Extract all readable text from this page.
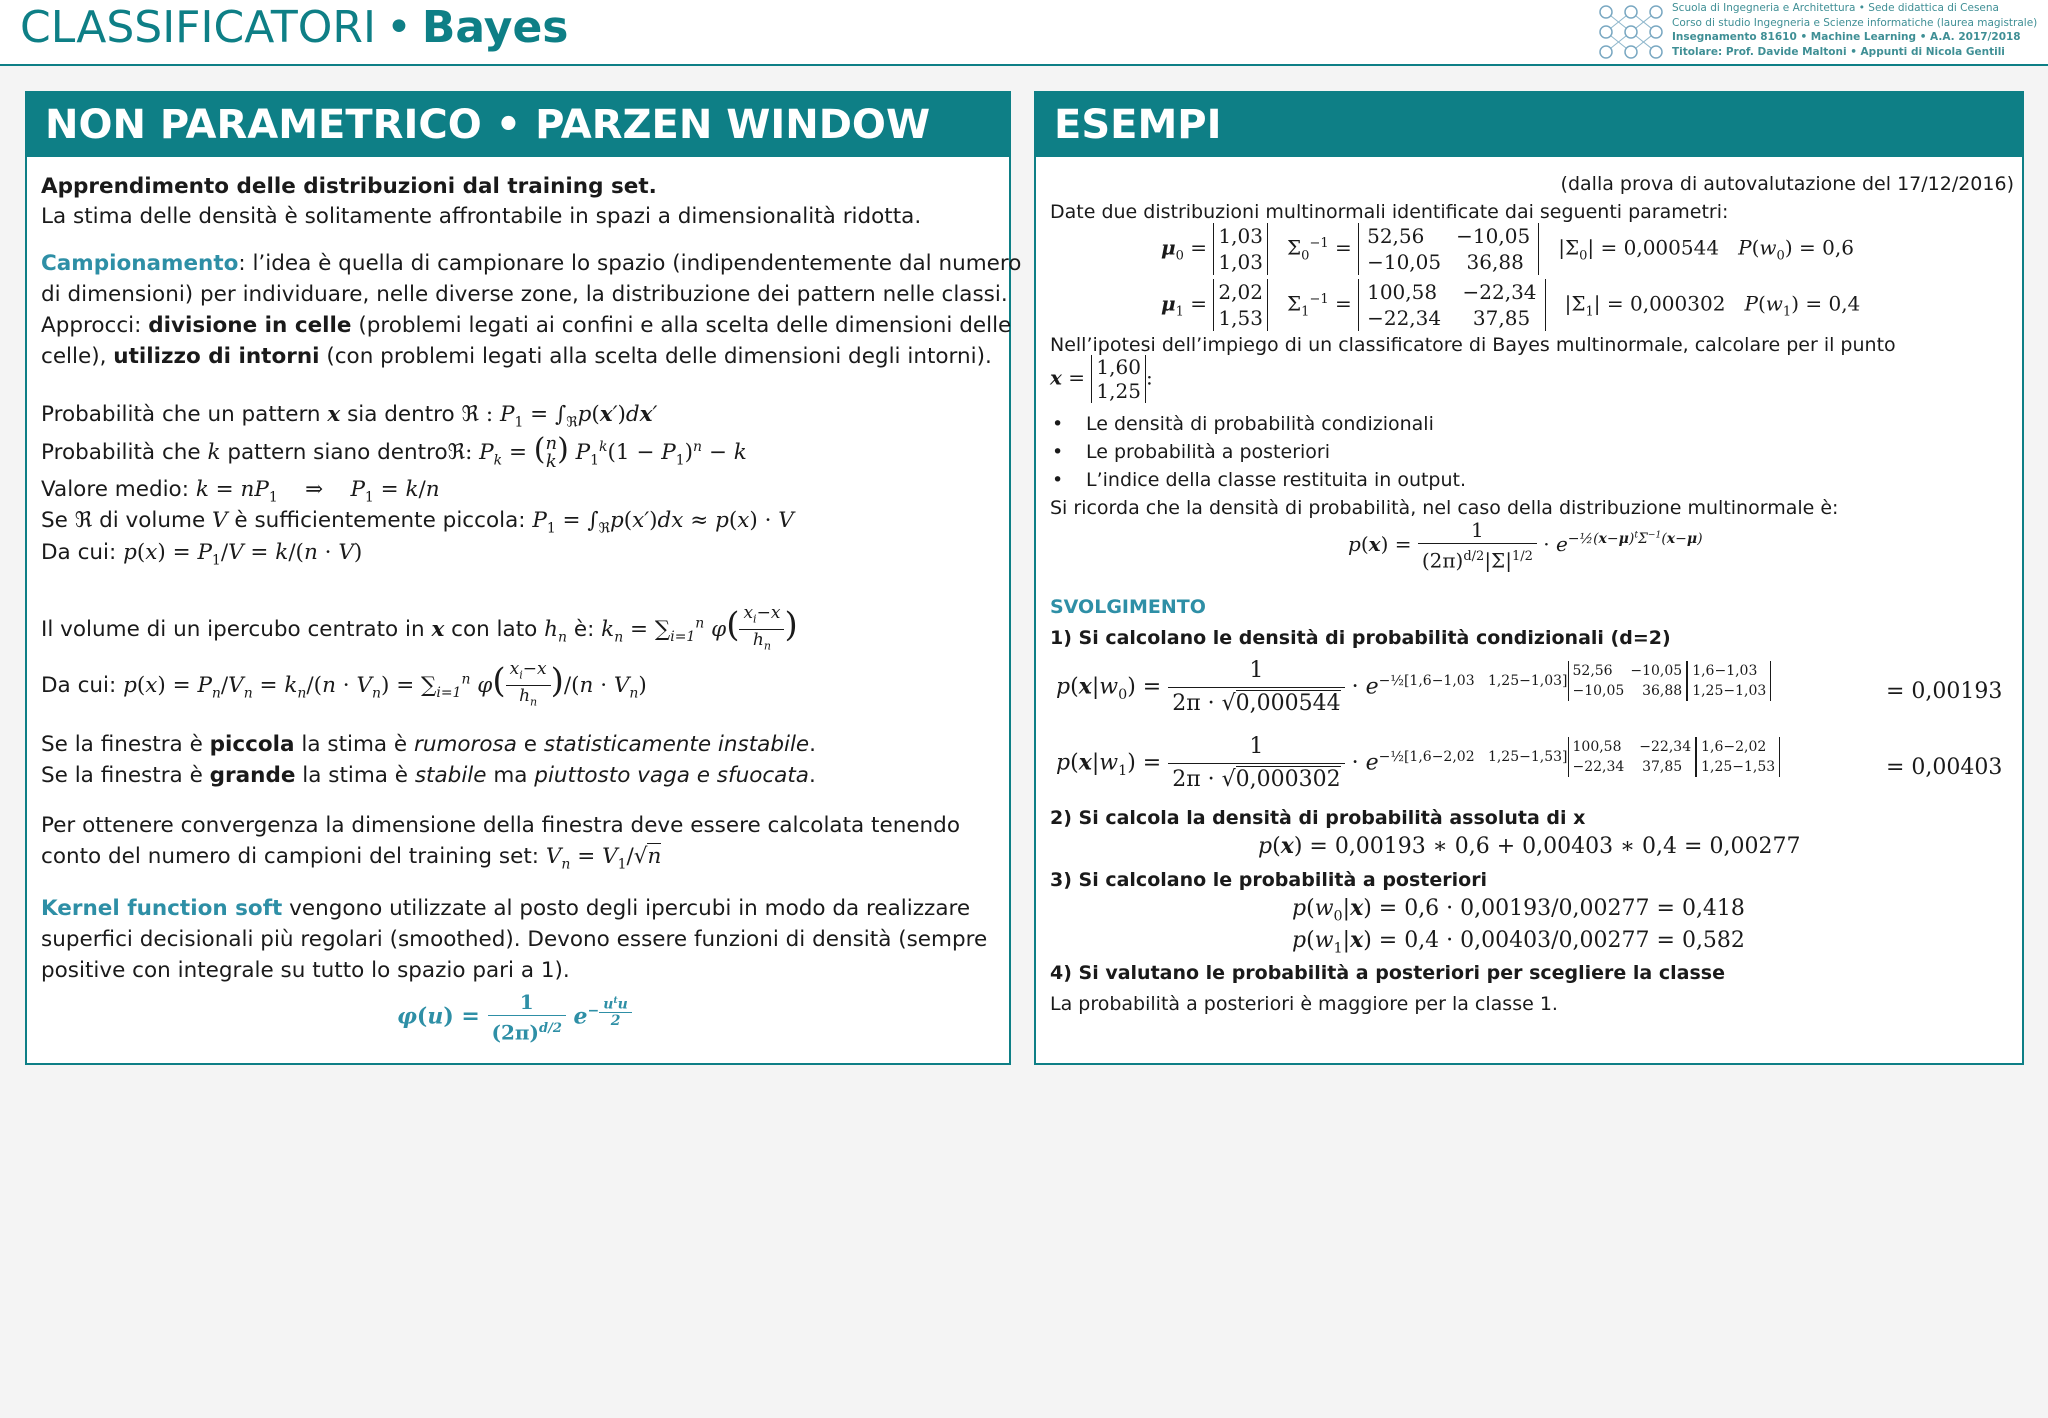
CLASSIFICATORI • Bayes	Scuola di Ingegneria e Architettura • Sede didattica di Cesena
Corso di studio Ingegneria e Scienze informatiche (laurea magistrale)
Insegnamento 81610 • Machine Learning • A.A. 2017/2018
Titolare: Prof. Davide Maltoni • Appunti di Nicola Gentili
NON PARAMETRICO • PARZEN WINDOW
Apprendimento delle distribuzioni dal training set.
La stima delle densità è solitamente affrontabile in spazi a dimensionalità ridotta.
Campionamento: l’idea è quella di campionare lo spazio (indipendentemente dal numero
di dimensioni) per individuare, nelle diverse zone, la distribuzione dei pattern nelle classi.
Approcci: divisione in celle (problemi legati ai confini e alla scelta delle dimensioni delle
celle), utilizzo di intorni (con problemi legati alla scelta delle dimensioni degli intorni).
Probabilità che un pattern x sia dentro ℜ : $P_1 = \int_ℜp(x')dx'$
Probabilità che k pattern siano dentroℜ: $P_k$ = ( n
k ) $P_1^k(1 - P_1)^n - k$
Valore medio: $k = nP_1$    ⇒    $P_1 = k/n$
Se ℜ di volume V è sufficientemente piccola: $P_1 = \int_ℜp(x')dx \approx p(x) \cdot V$
Da cui: $p(x) = P_1/V = k/(n \cdot V)$
Il volume di un ipercubo centrato in x con lato $h_n$ è: $k_n = \sum_{i=1}^n$ $\varphi( \frac{x_i-x}{h_n}$ )
Da cui: $p(x) = P_n/V_n = k_n/(n \cdot V_n) = \sum_{i=1}^n$ $\varphi( \frac{x_i-x}{h_n} )/(n \cdot V_n)$
Se la finestra è piccola la stima è rumorosa e statisticamente instabile.
Se la finestra è grande la stima è stabile ma piuttosto vaga e sfuocata.
Per ottenere convergenza la dimensione della finestra deve essere calcolata tenendo
conto del numero di campioni del training set: $V_n = V_1/√n$
Kernel function soft vengono utilizzate al posto degli ipercubi in modo da realizzare
superfici decisionali più regolari (smoothed). Devono essere funzioni di densità (sempre
positive con integrale su tutto lo spazio pari a 1).
$\varphi(u) = \frac{1}{(2\pi)^{d/2}} e^{- \frac{u^tu}{2}}$
ESEMPI
(dalla prova di autovalutazione del 17/12/2016)
Date due distribuzioni multinormali identificate dai seguenti parametri:
$\mu_0 = 1,03$
1,03
$\Sigma_0^{-1} = 52,56 -10,05$
−10,05 36,88
$|\Sigma_0| = 0,000544$ $P(w_0) = 0,6$
$\mu_1 = 2,02$
1,53
$\Sigma_1^{-1} = 100,58 -22,34$
−22,34 37,85
$|\Sigma_1| = 0,000302$ $P(w_1) = 0,4$
Nell’ipotesi dell’impiego di un classificatore di Bayes multinormale, calcolare per il punto
x = 1,60
1,25
:
• Le densità di probabilità condizionali
• Le probabilità a posteriori
• L’indice della classe restituita in output.
Si ricorda che la densità di probabilità, nel caso della distribuzione multinormale è:
$p(x) = \frac{1}{(2\pi)^{d/2}|\Sigma|^{1/2}} \cdot e^{-\frac{1}{2}(x-\mu)^t\Sigma^{-1}(x-\mu)}$
SVOLGIMENTO
1) Si calcolano le densità di probabilità condizionali (d=2)
$p(x|w_0) = \frac{1}{2\pi \cdot √0,000544} \cdot e^{-\frac{1}{2}[1,6-1,03 1,25-1,03] 52,56 -10,05 -10,05 36,88 1,6-1,03 1,25-1,03}$	= 0,00193
$p(x|w_1) = \frac{1}{2\pi \cdot √0,000302} \cdot e^{-\frac{1}{2}[1,6-2,02 1,25-1,53] 100,58 -22,34 -22,34 37,85 1,6-2,02 1,25-1,53}$	= 0,00403
2) Si calcola la densità di probabilità assoluta di x
p(x) = 0,00193 ∗ 0,6 + 0,00403 ∗ 0,4 = 0,00277
3) Si calcolano le probabilità a posteriori
$p(w_0|x) = 0,6 \cdot 0,00193/0,00277 = 0,418$
$p(w_1|x) = 0,4 \cdot 0,00403/0,00277 = 0,582$
4) Si valutano le probabilità a posteriori per scegliere la classe
La probabilità a posteriori è maggiore per la classe 1.
